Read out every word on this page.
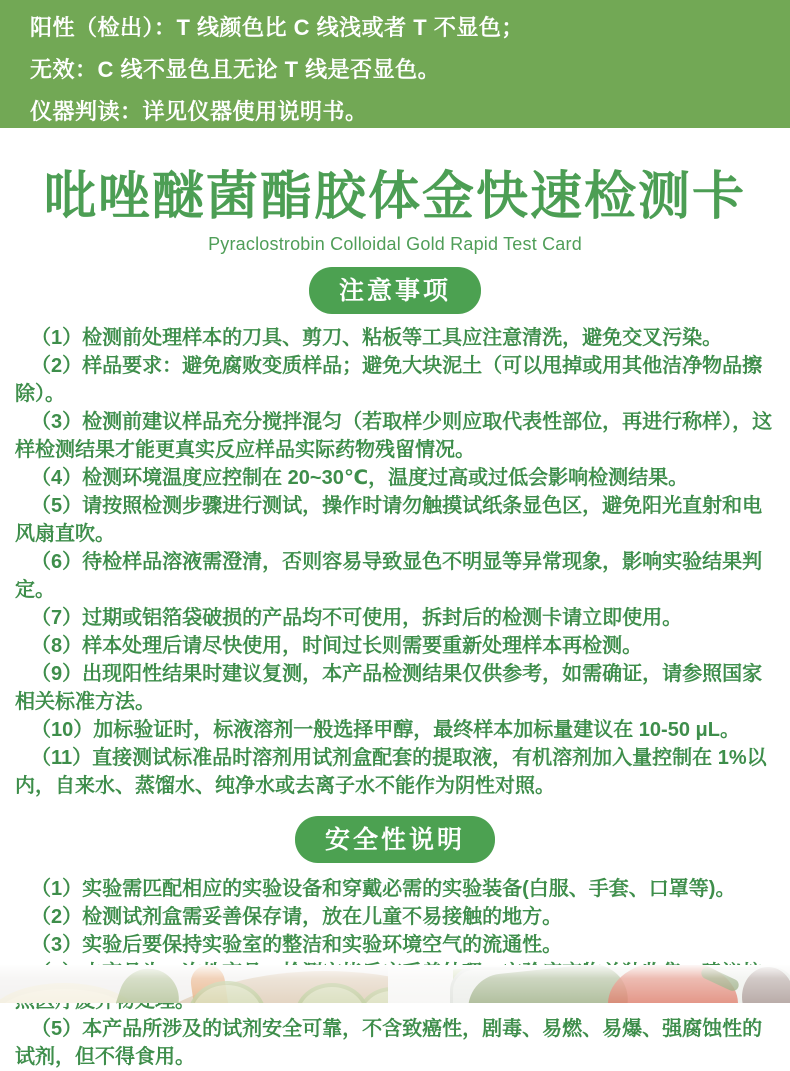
阳性（检出）：T 线颜色比 C 线浅或者 T 不显色；
无效：C 线不显色且无论 T 线是否显色。
仪器判读：详见仪器使用说明书。
吡唑醚菌酯胶体金快速检测卡
Pyraclostrobin Colloidal Gold Rapid Test Card
注意事项

（1）检测前处理样本的刀具、剪刀、粘板等工具应注意清洗，避免交叉污染。

（2）样品要求：避免腐败变质样品；避免大块泥土（可以甩掉或用其他洁净物品擦除）。

（3）检测前建议样品充分搅拌混匀（若取样少则应取代表性部位，再进行称样），这样检测结果才能更真实反应样品实际药物残留情况。

（4）检测环境温度应控制在 20~30℃，温度过高或过低会影响检测结果。

（5）请按照检测步骤进行测试，操作时请勿触摸试纸条显色区，避免阳光直射和电风扇直吹。

（6）待检样品溶液需澄清，否则容易导致显色不明显等异常现象，影响实验结果判定。

（7）过期或铝箔袋破损的产品均不可使用，拆封后的检测卡请立即使用。

（8）样本处理后请尽快使用，时间过长则需要重新处理样本再检测。

（9）出现阳性结果时建议复测，本产品检测结果仅供参考，如需确证，请参照国家相关标准方法。

（10）加标验证时，标液溶剂一般选择甲醇，最终样本加标量建议在 10-50 μL。

（11）直接测试标准品时溶剂用试剂盒配套的提取液，有机溶剂加入量控制在 1%以内，自来水、蒸馏水、纯净水或去离子水不能作为阴性对照。

安全性说明

（1）实验需匹配相应的实验设备和穿戴必需的实验装备(白服、手套、口罩等)。

（2）检测试剂盒需妥善保存请，放在儿童不易接触的地方。

（3）实验后要保持实验室的整洁和实验环境空气的流通性。

（5）本产品所涉及的试剂安全可靠，不含致癌性，剧毒、易燃、易爆、强腐蚀性的试剂，但不得食用。
